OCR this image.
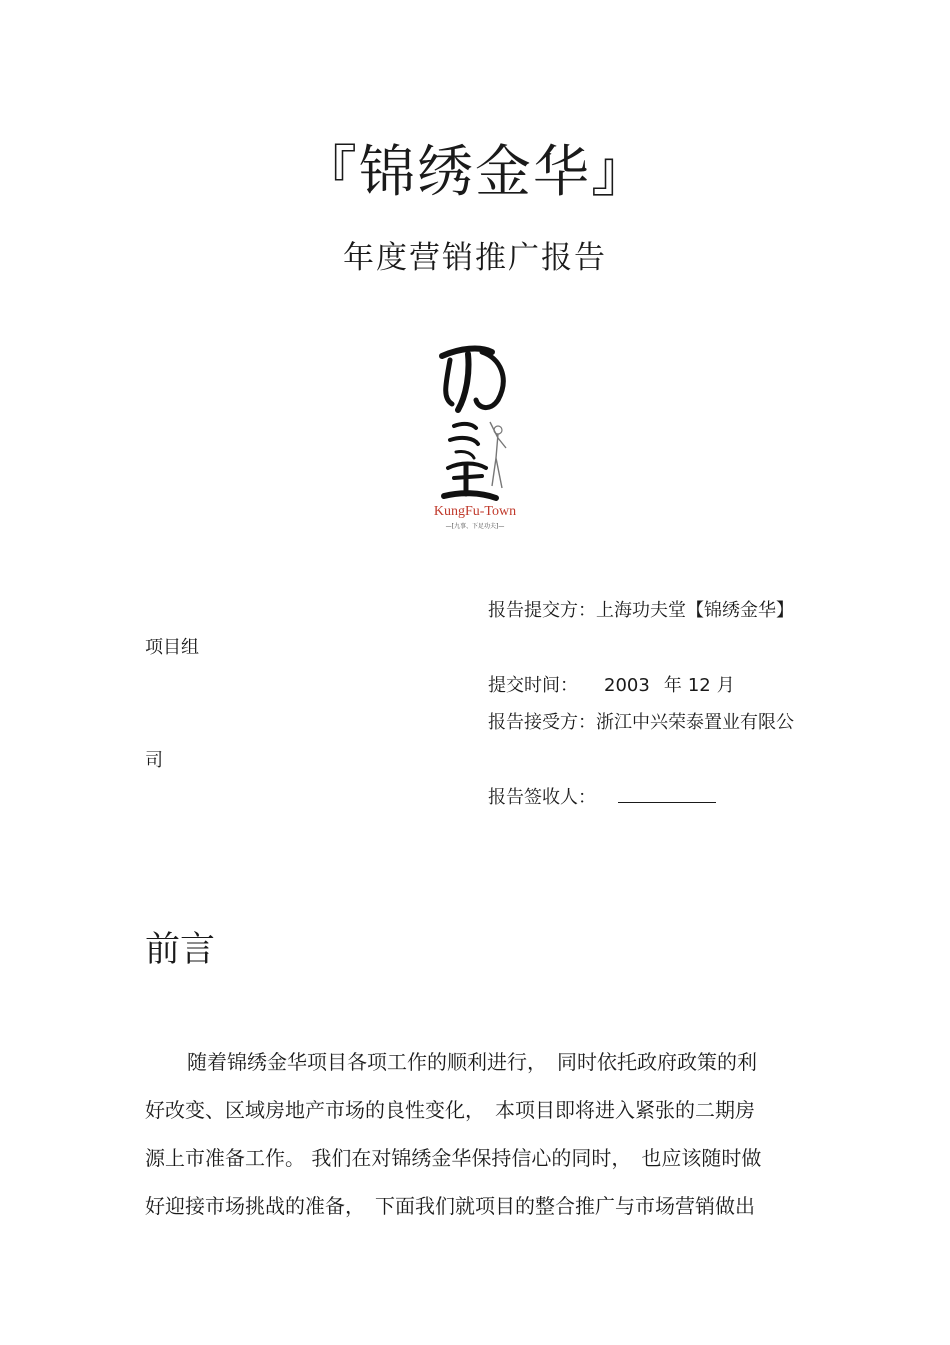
『锦绣金华』
年度营销推广报告
KungFu-Town
—[九事、下足功夫]—
报告提交方：上海功夫堂【锦绣金华】
项目组
提交时间： 2003 年 12 月
报告接受方：浙江中兴荣泰置业有限公
司
报告签收人：
前言
随着锦绣金华项目各项工作的顺利进行，　同时依托政府政策的利
好改变、区域房地产市场的良性变化，　本项目即将进入紧张的二期房
源上市准备工作。 我们在对锦绣金华保持信心的同时，　也应该随时做
好迎接市场挑战的准备，　下面我们就项目的整合推广与市场营销做出
